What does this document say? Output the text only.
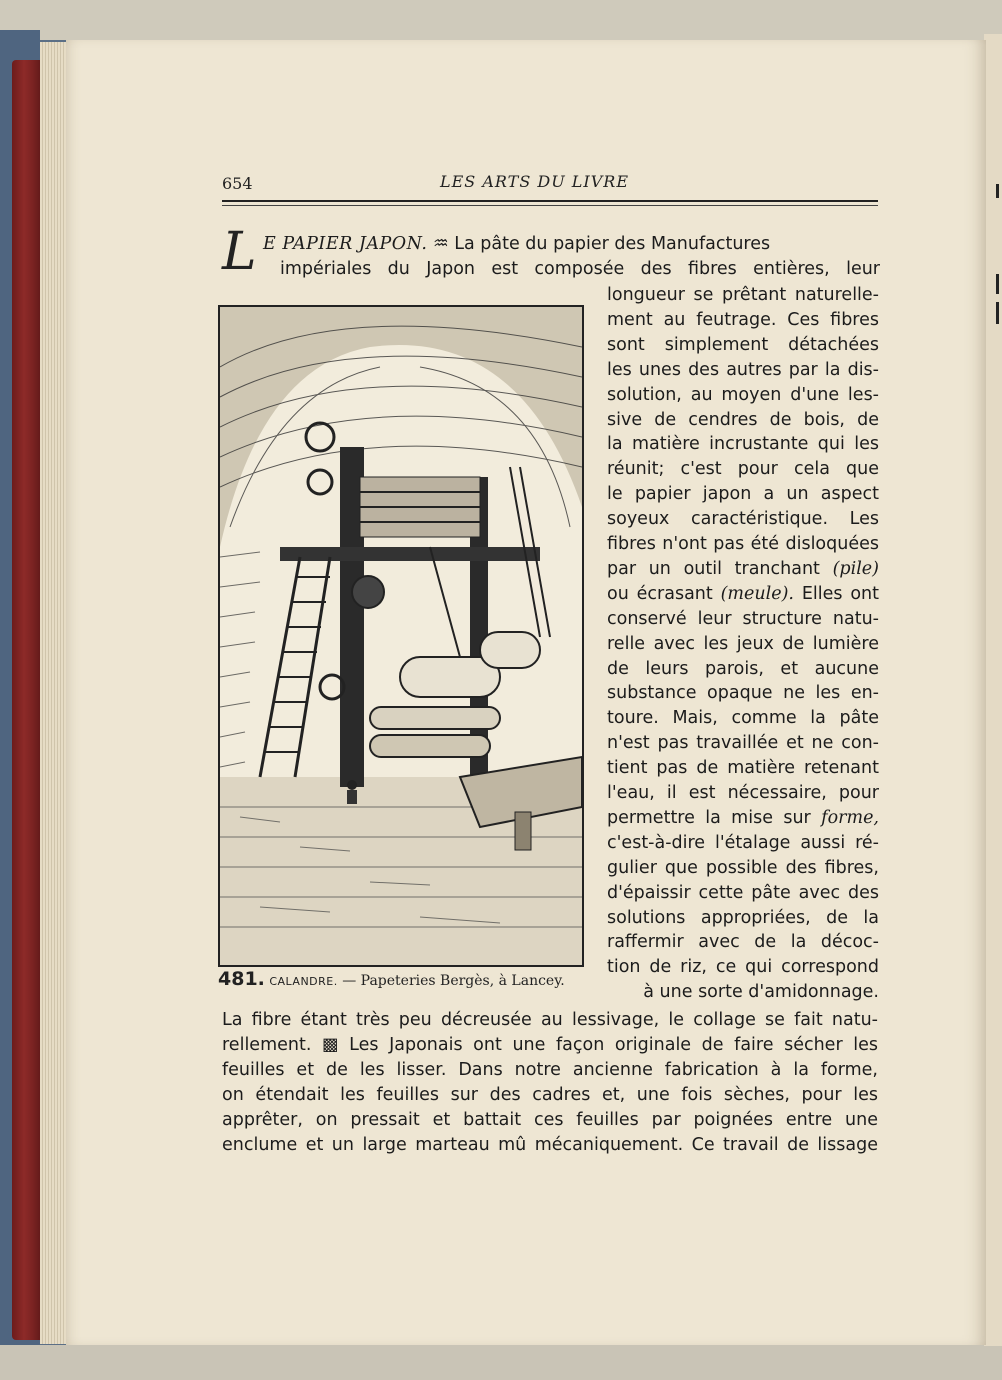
654	LES ARTS DU LIVRE
L E PAPIER JAPON. ♒ La pâte du papier des Manufactures
impériales du Japon est composée des fibres entières, leur
longueur se prêtant naturelle-
ment au feutrage. Ces fibres
sont simplement détachées
les unes des autres par la dis-
solution, au moyen d'une les-
sive de cendres de bois, de
la matière incrustante qui les
réunit; c'est pour cela que
le papier japon a un aspect
soyeux caractéristique. Les
fibres n'ont pas été disloquées
par un outil tranchant (pile)
ou écrasant (meule). Elles ont
conservé leur structure natu-
relle avec les jeux de lumière
de leurs parois, et aucune
substance opaque ne les en-
toure. Mais, comme la pâte
n'est pas travaillée et ne con-
tient pas de matière retenant
l'eau, il est nécessaire, pour
permettre la mise sur forme,
c'est-à-dire l'étalage aussi ré-
gulier que possible des fibres,
d'épaissir cette pâte avec des
solutions appropriées, de la
raffermir avec de la décoc-
tion de riz, ce qui correspond
à une sorte d'amidonnage.
481. CALANDRE. — Papeteries Bergès, à Lancey.
La fibre étant très peu décreusée au lessivage, le collage se fait natu-
rellement. ▩ Les Japonais ont une façon originale de faire sécher les
feuilles et de les lisser. Dans notre ancienne fabrication à la forme,
on étendait les feuilles sur des cadres et, une fois sèches, pour les
apprêter, on pressait et battait ces feuilles par poignées entre une
enclume et un large marteau mû mécaniquement. Ce travail de lissage
